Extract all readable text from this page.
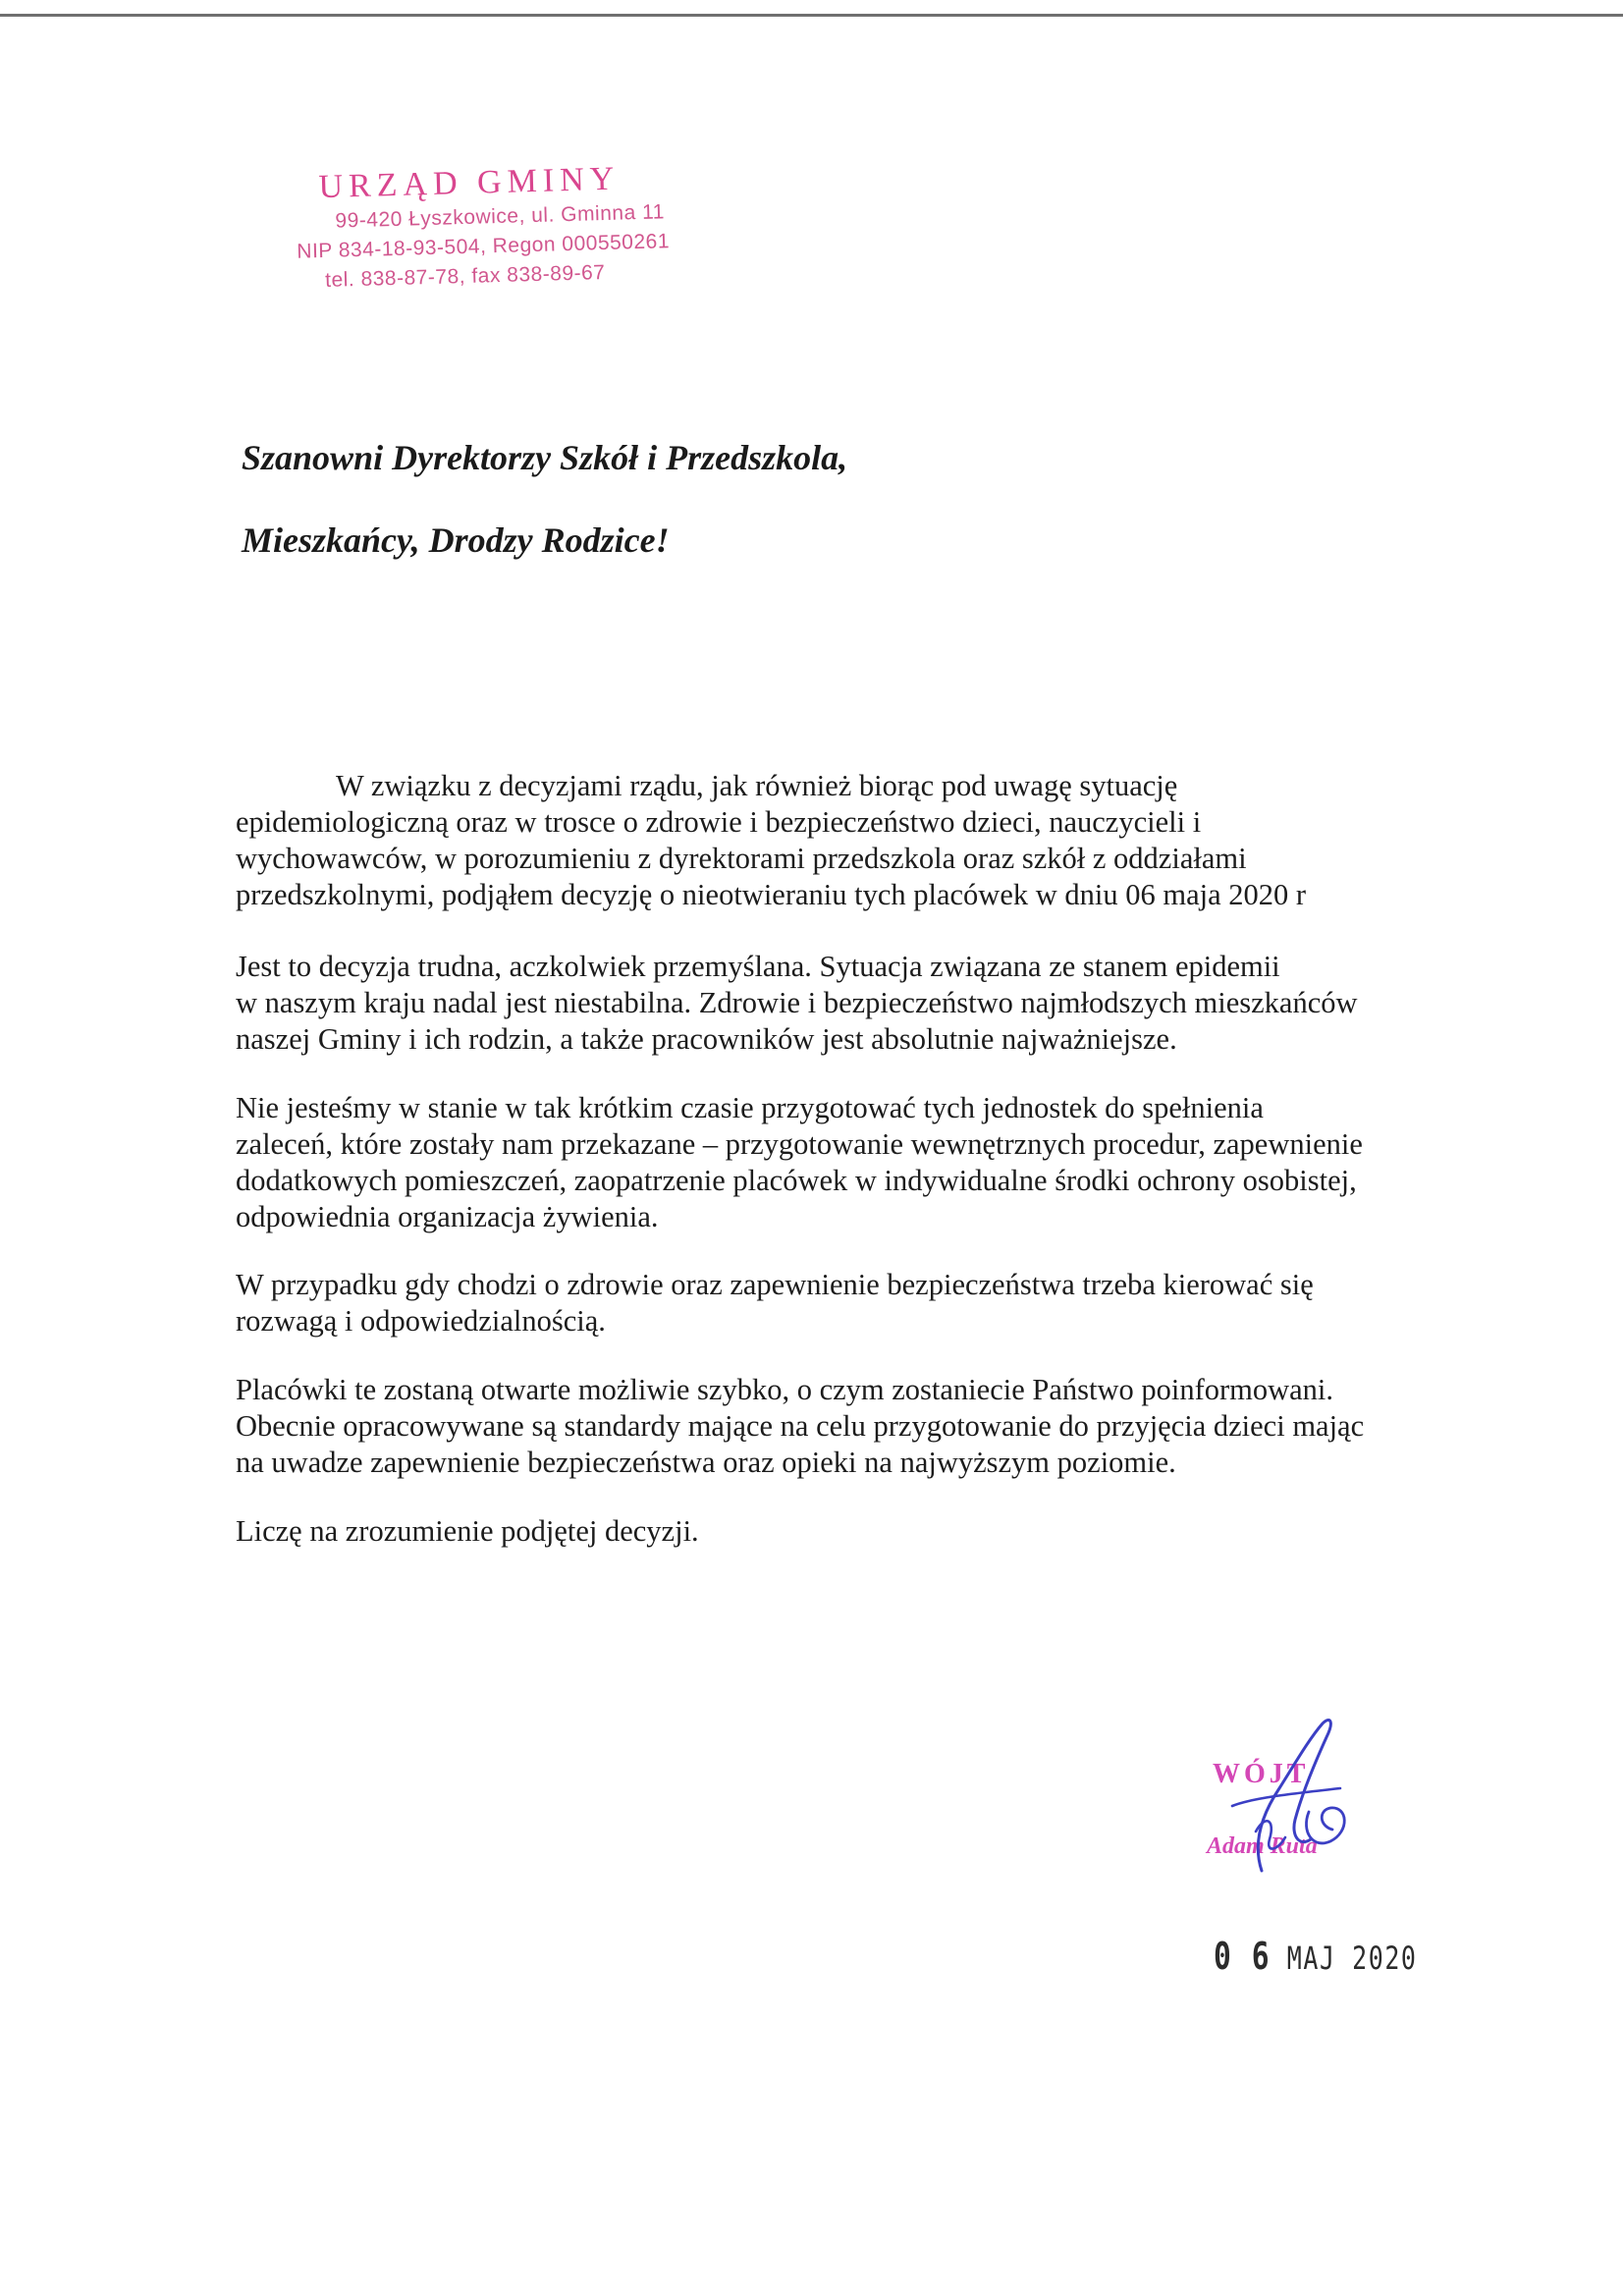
URZĄD GMINY
99-420 Łyszkowice, ul. Gminna 11
NIP 834-18-93-504, Regon 000550261
tel. 838-87-78, fax 838-89-67
Szanowni Dyrektorzy Szkół i Przedszkola,
Mieszkańcy, Drodzy Rodzice!

W związku z decyzjami rządu, jak również biorąc pod uwagę sytuację
epidemiologiczną oraz w trosce o zdrowie i bezpieczeństwo dzieci, nauczycieli i
wychowawców, w porozumieniu z dyrektorami przedszkola oraz szkół z oddziałami
przedszkolnymi, podjąłem decyzję o nieotwieraniu tych placówek w dniu 06 maja 2020 r

Jest to decyzja trudna, aczkolwiek przemyślana. Sytuacja związana ze stanem epidemii
w naszym kraju nadal jest niestabilna. Zdrowie i bezpieczeństwo najmłodszych mieszkańców
naszej Gminy i ich rodzin, a także pracowników jest absolutnie najważniejsze.

Nie jesteśmy w stanie w tak krótkim czasie przygotować tych jednostek do spełnienia
zaleceń, które zostały nam przekazane – przygotowanie wewnętrznych procedur, zapewnienie
dodatkowych pomieszczeń, zaopatrzenie placówek w indywidualne środki ochrony osobistej,
odpowiednia organizacja żywienia.

W przypadku gdy chodzi o zdrowie oraz zapewnienie bezpieczeństwa trzeba kierować się
rozwagą i odpowiedzialnością.

Placówki te zostaną otwarte możliwie szybko, o czym zostaniecie Państwo poinformowani.
Obecnie opracowywane są standardy mające na celu przygotowanie do przyjęcia dzieci mając
na uwadze zapewnienie bezpieczeństwa oraz opieki na najwyższym poziomie.

Liczę na zrozumienie podjętej decyzji.

WÓJT
Adam Ruta
0 6 MAJ 2020
